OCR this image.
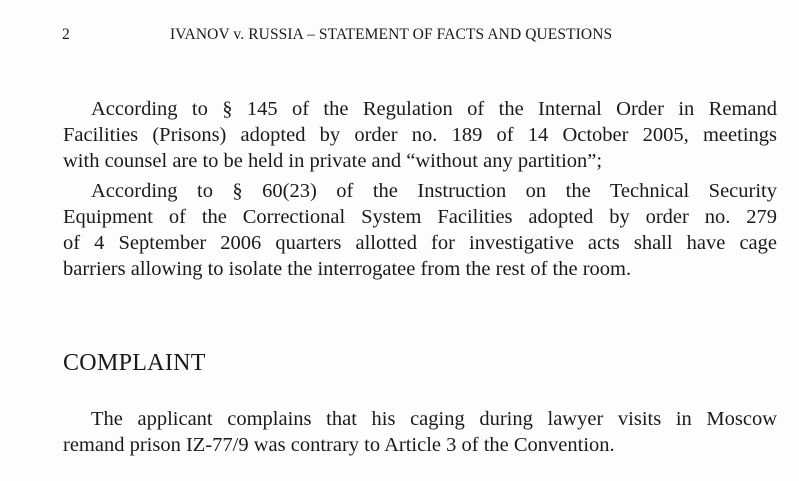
2	IVANOV v. RUSSIA – STATEMENT OF FACTS AND QUESTIONS

According to § 145 of the Regulation of the Internal Order in Remand
Facilities (Prisons) adopted by order no. 189 of 14 October 2005, meetings
with counsel are to be held in private and “without any partition”;

According to § 60(23) of the Instruction on the Technical Security
Equipment of the Correctional System Facilities adopted by order no. 279
of 4 September 2006 quarters allotted for investigative acts shall have cage
barriers allowing to isolate the interrogatee from the rest of the room.

COMPLAINT

The applicant complains that his caging during lawyer visits in Moscow
remand prison IZ-77/9 was contrary to Article 3 of the Convention.
